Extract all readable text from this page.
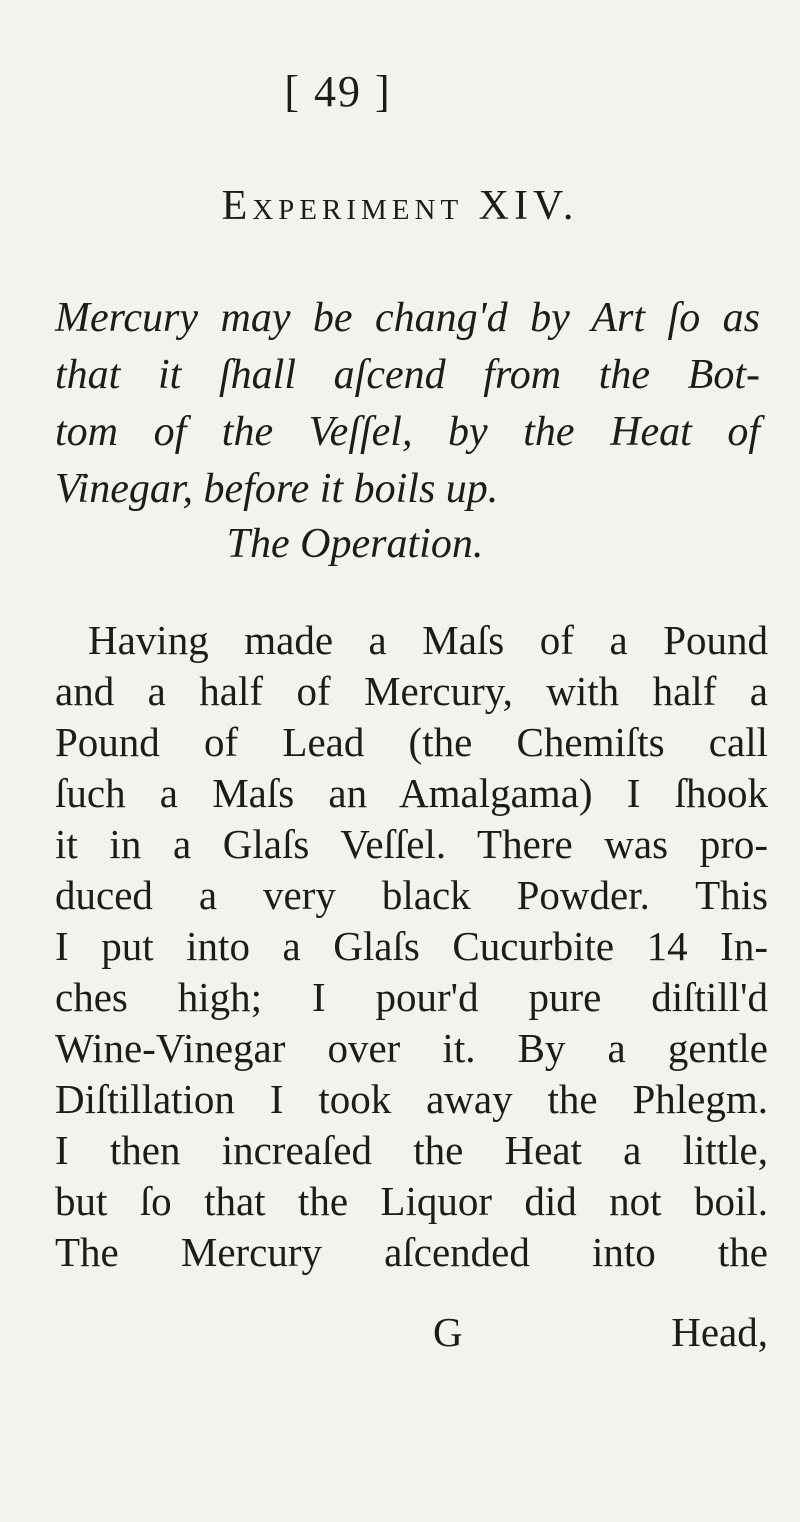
[ 49 ]
Experiment XIV.
Mercury may be chang'd by Art ſo as
that it ſhall aſcend from the Bot-
tom of the Veſſel, by the Heat of
Vinegar, before it boils up.
The Operation.
Having made a Maſs of a Pound
and a half of Mercury, with half a
Pound of Lead (the Chemiſts call
ſuch a Maſs an Amalgama) I ſhook
it in a Glaſs Veſſel. There was pro-
duced a very black Powder. This
I put into a Glaſs Cucurbite 14 In-
ches high; I pour'd pure diſtill'd
Wine-Vinegar over it. By a gentle
Diſtillation I took away the Phlegm.
I then increaſed the Heat a little,
but ſo that the Liquor did not boil.
The Mercury aſcended into the
G	Head,
